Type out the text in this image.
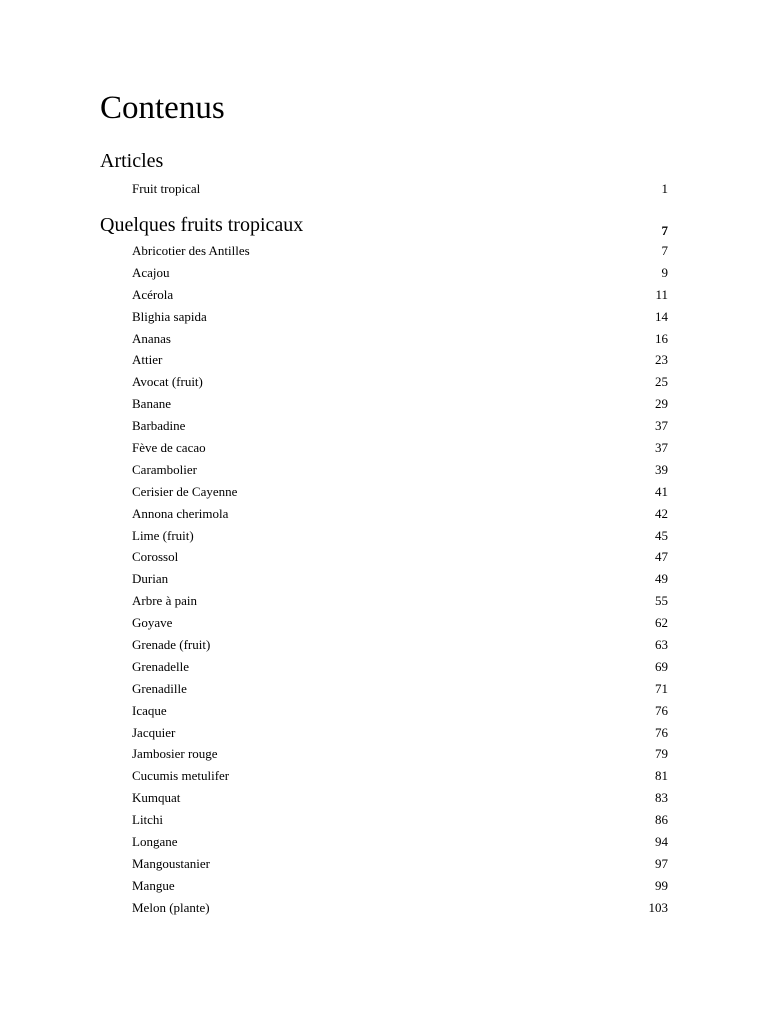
Contenus
Articles
Fruit tropical	1
Quelques fruits tropicaux	7
Abricotier des Antilles	7
Acajou	9
Acérola	11
Blighia sapida	14
Ananas	16
Attier	23
Avocat (fruit)	25
Banane	29
Barbadine	37
Fève de cacao	37
Carambolier	39
Cerisier de Cayenne	41
Annona cherimola	42
Lime (fruit)	45
Corossol	47
Durian	49
Arbre à pain	55
Goyave	62
Grenade (fruit)	63
Grenadelle	69
Grenadille	71
Icaque	76
Jacquier	76
Jambosier rouge	79
Cucumis metulifer	81
Kumquat	83
Litchi	86
Longane	94
Mangoustanier	97
Mangue	99
Melon (plante)	103
